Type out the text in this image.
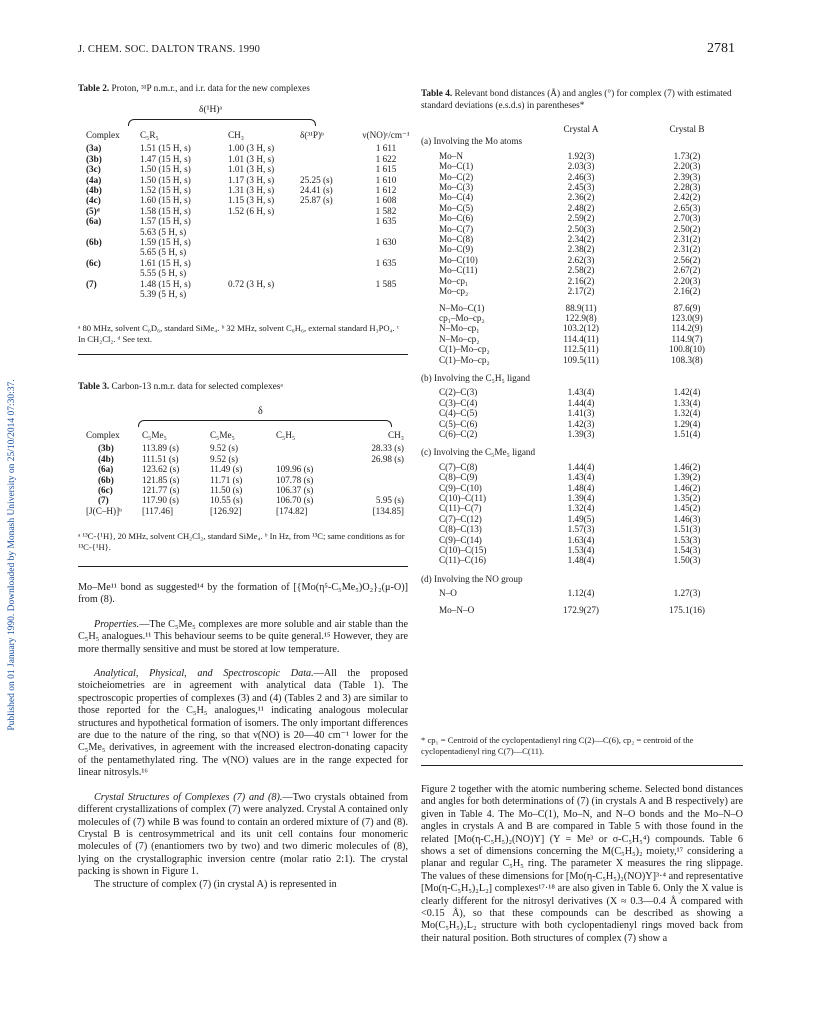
J. CHEM. SOC. DALTON TRANS. 1990	2781
Published on 01 January 1990. Downloaded by Monash University on 25/10/2014 07:30:37.
Table 2. Proton, ³¹P n.m.r., and i.r. data for the new complexes
δ(¹H)ᵃ
Complex	C₅R₅	CH₃	δ(³¹P)ᵇ	ν(NO)ᶜ/cm⁻¹

(3a)	1.51 (15 H, s)	1.00 (3 H, s)		1 611
(3b)	1.47 (15 H, s)	1.01 (3 H, s)		1 622
(3c)	1.50 (15 H, s)	1.01 (3 H, s)		1 615
(4a)	1.50 (15 H, s)	1.17 (3 H, s)	25.25 (s)	1 610
(4b)	1.52 (15 H, s)	1.31 (3 H, s)	24.41 (s)	1 612
(4c)	1.60 (15 H, s)	1.15 (3 H, s)	25.87 (s)	1 608
(5)ᵈ	1.58 (15 H, s)	1.52 (6 H, s)		1 582
(6a)	1.57 (15 H, s)			1 635
	5.63 (5 H, s)			
(6b)	1.59 (15 H, s)			1 630
	5.65 (5 H, s)			
(6c)	1.61 (15 H, s)			1 635
	5.55 (5 H, s)			
(7)	1.48 (15 H, s)	0.72 (3 H, s)		1 585
	5.39 (5 H, s)			
ᵃ 80 MHz, solvent C₆D₆, standard SiMe₄. ᵇ 32 MHz, solvent C₆H₆, external standard H₃PO₄. ᶜ In CH₂Cl₂. ᵈ See text.
Table 3. Carbon-13 n.m.r. data for selected complexesᵃ
δ
Complex	C₅Me₅	C₅Me₅	C₅H₅	CH₃

(3b)	113.89 (s)	9.52 (s)		28.33 (s)
(4b)	111.51 (s)	9.52 (s)		26.98 (s)
(6a)	123.62 (s)	11.49 (s)	109.96 (s)	
(6b)	121.85 (s)	11.71 (s)	107.78 (s)	
(6c)	121.77 (s)	11.50 (s)	106.37 (s)	
(7)	117.90 (s)	10.55 (s)	106.70 (s)	5.95 (s)
[J(C–H)]ᵇ	[117.46]	[126.92]	[174.82]	[134.85]
ᵃ ¹³C-{¹H}, 20 MHz, solvent CH₂Cl₂, standard SiMe₄. ᵇ In Hz, from ¹³C; same conditions as for ¹³C-{¹H}.

Mo–Me¹¹ bond as suggested¹⁴ by the formation of [{Mo(η⁵-C₅Me₅)O₂}₂(μ-O)] from (8).

Properties.—The C₅Me₅ complexes are more soluble and air stable than the C₅H₅ analogues.¹¹ This behaviour seems to be quite general.¹⁵ However, they are more thermally sensitive and must be stored at low temperature.

Analytical, Physical, and Spectroscopic Data.—All the proposed stoicheiometries are in agreement with analytical data (Table 1). The spectroscopic properties of complexes (3) and (4) (Tables 2 and 3) are similar to those reported for the C₅H₅ analogues,¹¹ indicating analogous molecular structures and hypothetical formation of isomers. The only important differences are due to the nature of the ring, so that ν(NO) is 20—40 cm⁻¹ lower for the C₅Me₅ derivatives, in agreement with the increased electron-donating capacity of the pentamethylated ring. The ν(NO) values are in the range expected for linear nitrosyls.¹⁶

Crystal Structures of Complexes (7) and (8).—Two crystals obtained from different crystallizations of complex (7) were analyzed. Crystal A contained only molecules of (7) while B was found to contain an ordered mixture of (7) and (8). Crystal B is centrosymmetrical and its unit cell contains four monomeric molecules of (7) (enantiomers two by two) and two dimeric molecules of (8), lying on the crystallographic inversion centre (molar ratio 2:1). The crystal packing is shown in Figure 1.

The structure of complex (7) (in crystal A) is represented in

Table 4. Relevant bond distances (Å) and angles (°) for complex (7) with estimated standard deviations (e.s.d.s) in parentheses*
	Crystal A	Crystal B
(a) Involving the Mo atoms		
Mo–N	1.92(3)	1.73(2)
Mo–C(1)	2.03(3)	2.20(3)
Mo–C(2)	2.46(3)	2.39(3)
Mo–C(3)	2.45(3)	2.28(3)
Mo–C(4)	2.36(2)	2.42(2)
Mo–C(5)	2.48(2)	2.65(3)
Mo–C(6)	2.59(2)	2.70(3)
Mo–C(7)	2.50(3)	2.50(2)
Mo–C(8)	2.34(2)	2.31(2)
Mo–C(9)	2.38(2)	2.31(2)
Mo–C(10)	2.62(3)	2.56(2)
Mo–C(11)	2.58(2)	2.67(2)
Mo–cp₁	2.16(2)	2.20(3)
Mo–cp₂	2.17(2)	2.16(2)

N–Mo–C(1)	88.9(11)	87.6(9)
cp₁–Mo–cp₂	122.9(8)	123.0(9)
N–Mo–cp₁	103.2(12)	114.2(9)
N–Mo–cp₂	114.4(11)	114.9(7)
C(1)–Mo–cp₂	112.5(11)	100.8(10)
C(1)–Mo–cp₂	109.5(11)	108.3(8)
(b) Involving the C₅H₅ ligand		
C(2)–C(3)	1.43(4)	1.42(4)
C(3)–C(4)	1.44(4)	1.33(4)
C(4)–C(5)	1.41(3)	1.32(4)
C(5)–C(6)	1.42(3)	1.29(4)
C(6)–C(2)	1.39(3)	1.51(4)
(c) Involving the C₅Me₅ ligand		
C(7)–C(8)	1.44(4)	1.46(2)
C(8)–C(9)	1.43(4)	1.39(2)
C(9)–C(10)	1.48(4)	1.46(2)
C(10)–C(11)	1.39(4)	1.35(2)
C(11)–C(7)	1.32(4)	1.45(2)
C(7)–C(12)	1.49(5)	1.46(3)
C(8)–C(13)	1.57(3)	1.51(3)
C(9)–C(14)	1.63(4)	1.53(3)
C(10)–C(15)	1.53(4)	1.54(3)
C(11)–C(16)	1.48(4)	1.50(3)
(d) Involving the NO group		
N–O	1.12(4)	1.27(3)

Mo–N–O	172.9(27)	175.1(16)
* cp₁ = Centroid of the cyclopentadienyl ring C(2)—C(6), cp₂ = centroid of the cyclopentadienyl ring C(7)—C(11).

Figure 2 together with the atomic numbering scheme. Selected bond distances and angles for both determinations of (7) (in crystals A and B respectively) are given in Table 4. The Mo–C(1), Mo–N, and N–O bonds and the Mo–N–O angles in crystals A and B are compared in Table 5 with those found in the related [Mo(η-C₅H₅)₂(NO)Y] (Y = Me³ or σ-C₅H₅⁴) compounds. Table 6 shows a set of dimensions concerning the M(C₅H₅)₂ moiety,¹⁷ considering a planar and regular C₅H₅ ring. The parameter X measures the ring slippage. The values of these dimensions for [Mo(η-C₅H₅)₂(NO)Y]³·⁴ and representative [Mo(η-C₅H₅)₂L₂] complexes¹⁷·¹⁸ are also given in Table 6. Only the X value is clearly different for the nitrosyl derivatives (X ≈ 0.3—0.4 Å compared with <0.15 Å), so that these compounds can be described as showing a Mo(C₅H₅)₂L₂ structure with both cyclopentadienyl rings moved back from their natural position. Both structures of complex (7) show a
